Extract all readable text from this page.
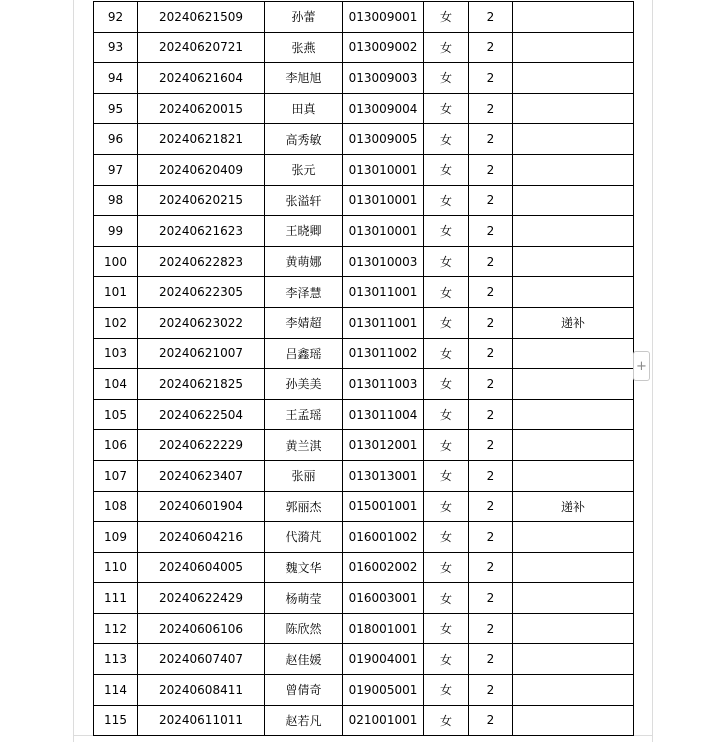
92	20240621509	孙蕾	013009001	女	2	
93	20240620721	张燕	013009002	女	2	
94	20240621604	李旭旭	013009003	女	2	
95	20240620015	田真	013009004	女	2	
96	20240621821	高秀敏	013009005	女	2	
97	20240620409	张元	013010001	女	2	
98	20240620215	张溢轩	013010001	女	2	
99	20240621623	王晓卿	013010001	女	2	
100	20240622823	黄萌娜	013010003	女	2	
101	20240622305	李泽慧	013011001	女	2	
102	20240623022	李婧超	013011001	女	2	递补
103	20240621007	吕鑫瑶	013011002	女	2	
104	20240621825	孙美美	013011003	女	2	
105	20240622504	王孟瑶	013011004	女	2	
106	20240622229	黄兰淇	013012001	女	2	
107	20240623407	张丽	013013001	女	2	
108	20240601904	郭丽杰	015001001	女	2	递补
109	20240604216	代漪芃	016001002	女	2	
110	20240604005	魏文华	016002002	女	2	
111	20240622429	杨萌莹	016003001	女	2	
112	20240606106	陈欣然	018001001	女	2	
113	20240607407	赵佳媛	019004001	女	2	
114	20240608411	曾倩奇	019005001	女	2	
115	20240611011	赵若凡	021001001	女	2	
+
